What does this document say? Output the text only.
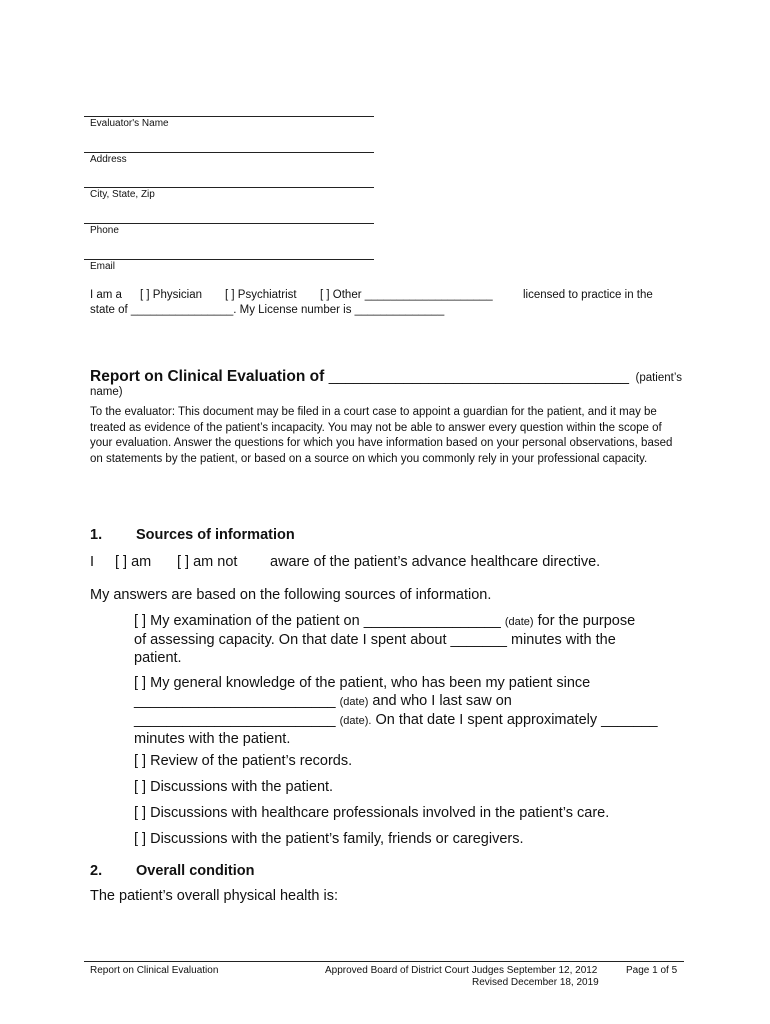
Evaluator's Name
Address
City, State, Zip
Phone
Email
I am a [ ] Physician [ ] Psychiatrist [ ] Other ____________________	licensed to practice in the
state of ________________. My License number is ______________
Report on Clinical Evaluation of ____________________________________ (patient’s
name)
To the evaluator: This document may be filed in a court case to appoint a guardian for the patient, and it may be treated as evidence of the patient’s incapacity. You may not be able to answer every question within the scope of your evaluation. Answer the questions for which you have information based on your personal observations, based on statements by the patient, or based on a source on which you commonly rely in your professional capacity.
1. Sources of information
I [ ] am [ ] am not aware of the patient’s advance healthcare directive.
My answers are based on the following sources of information.
[ ] My examination of the patient on _________________ (date) for the purpose
of assessing capacity. On that date I spent about _______ minutes with the
patient.
[ ] My general knowledge of the patient, who has been my patient since
_________________________ (date) and who I last saw on
_________________________ (date). On that date I spent approximately _______
minutes with the patient.
[ ] Review of the patient’s records.
[ ] Discussions with the patient.
[ ] Discussions with healthcare professionals involved in the patient’s care.
[ ] Discussions with the patient’s family, friends or caregivers.
2. Overall condition
The patient’s overall physical health is:
Report on Clinical Evaluation	Approved Board of District Court Judges September 12, 2012
Revised December 18, 2019
Page 1 of 5
